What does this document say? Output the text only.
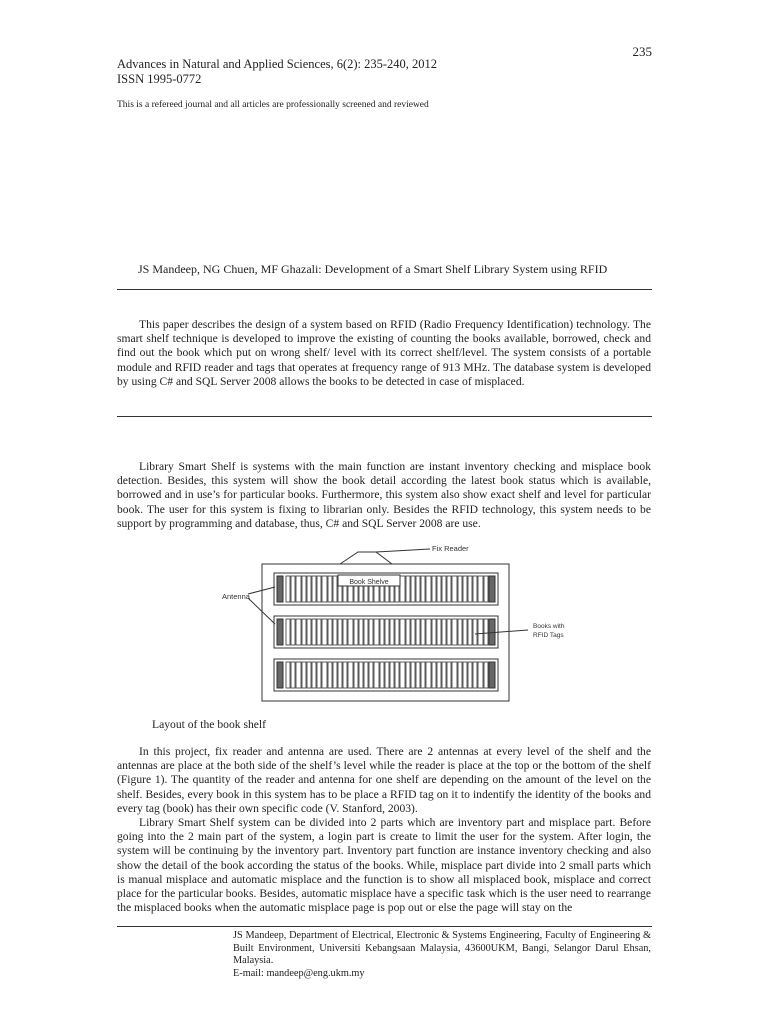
235
Advances in Natural and Applied Sciences, 6(2): 235-240, 2012
ISSN 1995-0772
This is a refereed journal and all articles are professionally screened and reviewed
JS Mandeep, NG Chuen, MF Ghazali: Development of a Smart Shelf Library System using RFID

This paper describes the design of a system based on RFID (Radio Frequency Identification) technology. The smart shelf technique is developed to improve the existing of counting the books available, borrowed, check and find out the book which put on wrong shelf/ level with its correct shelf/level. The system consists of a portable module and RFID reader and tags that operates at frequency range of 913 MHz. The database system is developed by using C# and SQL Server 2008 allows the books to be detected in case of misplaced.

Library Smart Shelf is systems with the main function are instant inventory checking and misplace book detection. Besides, this system will show the book detail according the latest book status which is available, borrowed and in use’s for particular books. Furthermore, this system also show exact shelf and level for particular book. The user for this system is fixing to librarian only. Besides the RFID technology, this system needs to be support by programming and database, thus, C# and SQL Server 2008 are use.

Fix Reader
Book Shelve
Antenna
Books with
RFID Tags
Layout of the book shelf

In this project, fix reader and antenna are used. There are 2 antennas at every level of the shelf and the antennas are place at the both side of the shelf’s level while the reader is place at the top or the bottom of the shelf (Figure 1). The quantity of the reader and antenna for one shelf are depending on the amount of the level on the shelf. Besides, every book in this system has to be place a RFID tag on it to indentify the identity of the books and every tag (book) has their own specific code (V. Stanford, 2003).

Library Smart Shelf system can be divided into 2 parts which are inventory part and misplace part. Before going into the 2 main part of the system, a login part is create to limit the user for the system. After login, the system will be continuing by the inventory part. Inventory part function are instance inventory checking and also show the detail of the book according the status of the books. While, misplace part divide into 2 small parts which is manual misplace and automatic misplace and the function is to show all misplaced book, misplace and correct place for the particular books. Besides, automatic misplace have a specific task which is the user need to rearrange the misplaced books when the automatic misplace page is pop out or else the page will stay on the

JS Mandeep, Department of Electrical, Electronic & Systems Engineering, Faculty of Engineering & Built Environment, Universiti Kebangsaan Malaysia, 43600UKM, Bangi, Selangor Darul Ehsan, Malaysia.
E-mail: mandeep@eng.ukm.my
